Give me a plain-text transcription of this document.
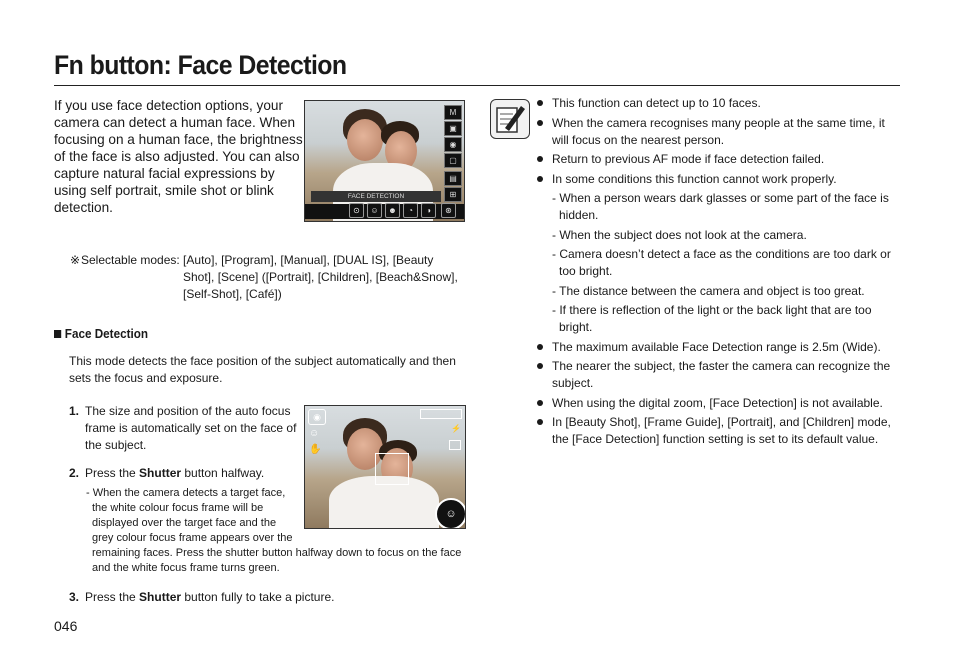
Fn button: Face Detection
If you use face detection options, your camera can detect a human face. When focusing on a human face, the brightness of the face is also adjusted. You can also capture natural facial expressions by using self portrait, smile shot or blink detection.
M
▣
◉
▢
▤
⊞
FACE DETECTION
⊙	☺	☻	◔	◑	⊛
※Selectable modes: [Auto], [Program], [Manual], [DUAL IS], [Beauty
Shot], [Scene] ([Portrait], [Children], [Beach&Snow],
[Self-Shot], [Café])
Face Detection
This mode detects the face position of the subject automatically and then sets the focus and exposure.
1. The size and position of the auto focus frame is automatically set on the face of the subject.
2. Press the Shutter button halfway.
- When the camera detects a target face,
the white colour focus frame will be
displayed over the target face and the
grey colour focus frame appears over the
remaining faces. Press the shutter button halfway down to focus on the face
and the white focus frame turns green.
◉
☺
✋
⚡
☺
3. Press the Shutter button fully to take a picture.
046
This function can detect up to 10 faces.
When the camera recognises many people at the same time, it will focus on the nearest person.
Return to previous AF mode if face detection failed.
In some conditions this function cannot work properly.
- When a person wears dark glasses or some part of the face is hidden.
- When the subject does not look at the camera.
- Camera doesn’t detect a face as the conditions are too dark or too bright.
- The distance between the camera and object is too great.
- If there is reflection of the light or the back light that are too bright.
The maximum available Face Detection range is 2.5m (Wide).
The nearer the subject, the faster the camera can recognize the subject.
When using the digital zoom, [Face Detection] is not available.
In [Beauty Shot], [Frame Guide], [Portrait], and [Children] mode, the [Face Detection] function setting is set to its default value.
